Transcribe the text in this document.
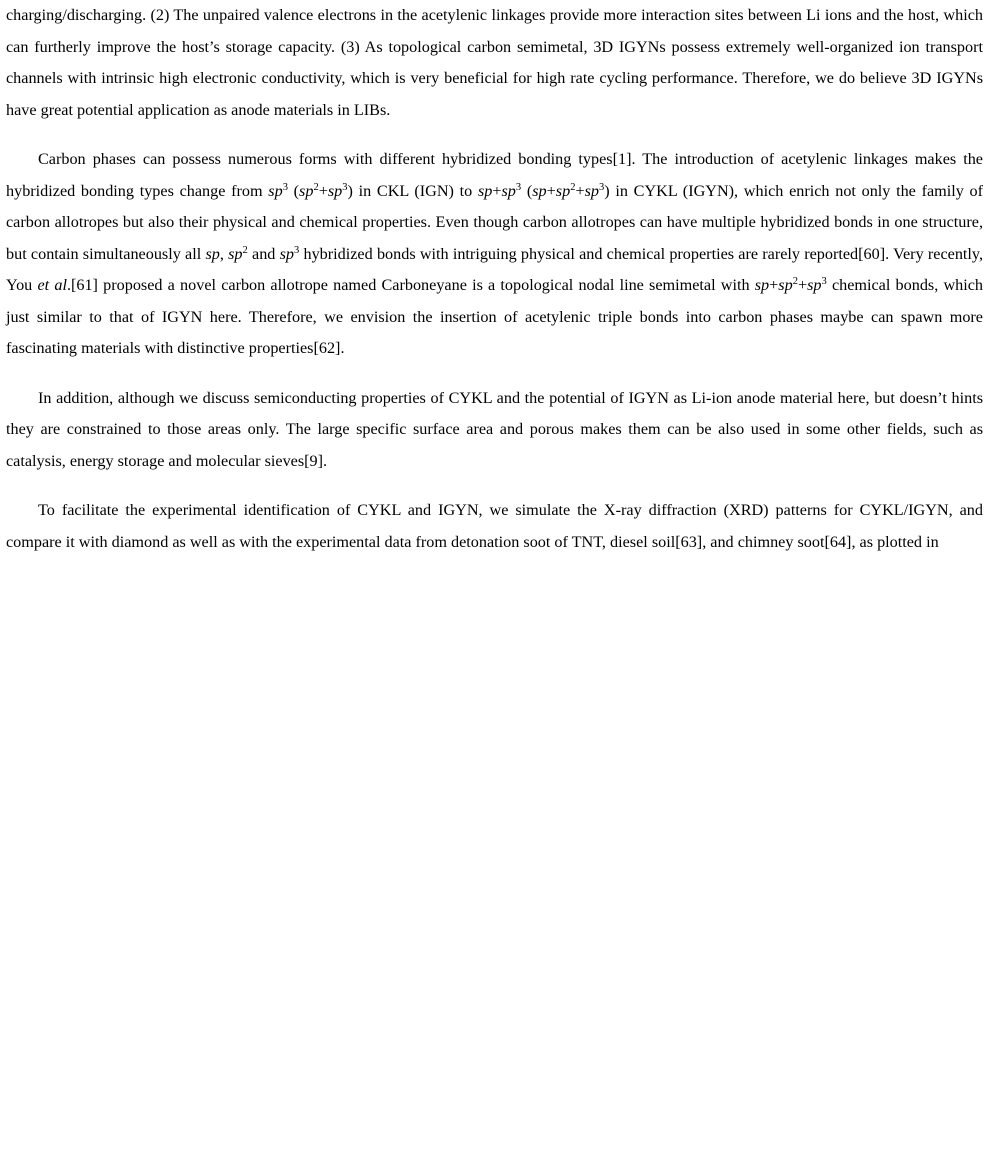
charging/discharging. (2) The unpaired valence electrons in the acetylenic linkages provide more interaction sites between Li ions and the host, which can furtherly improve the host’s storage capacity. (3) As topological carbon semimetal, 3D IGYNs possess extremely well-organized ion transport channels with intrinsic high electronic conductivity, which is very beneficial for high rate cycling performance. Therefore, we do believe 3D IGYNs have great potential application as anode materials in LIBs.

Carbon phases can possess numerous forms with different hybridized bonding types[1]. The introduction of acetylenic linkages makes the hybridized bonding types change from $sp^3$ $(sp^2+sp^3)$ in CKL (IGN) to $sp+sp^3$ $(sp+sp^2+sp^3)$ in CYKL (IGYN), which enrich not only the family of carbon allotropes but also their physical and chemical properties. Even though carbon allotropes can have multiple hybridized bonds in one structure, but contain simultaneously all sp, $sp^2$ and $sp^3$ hybridized bonds with intriguing physical and chemical properties are rarely reported[60]. Very recently, You et al.[61] proposed a novel carbon allotrope named Carboneyane is a topological nodal line semimetal with $sp+sp^2+sp^3$ chemical bonds, which just similar to that of IGYN here. Therefore, we envision the insertion of acetylenic triple bonds into carbon phases maybe can spawn more fascinating materials with distinctive properties[62].

In addition, although we discuss semiconducting properties of CYKL and the potential of IGYN as Li-ion anode material here, but doesn’t hints they are constrained to those areas only. The large specific surface area and porous makes them can be also used in some other fields, such as catalysis, energy storage and molecular sieves[9].

To facilitate the experimental identification of CYKL and IGYN, we simulate the X-ray diffraction (XRD) patterns for CYKL/IGYN, and compare it with diamond as well as with the experimental data from detonation soot of TNT, diesel soil[63], and chimney soot[64], as plotted in
